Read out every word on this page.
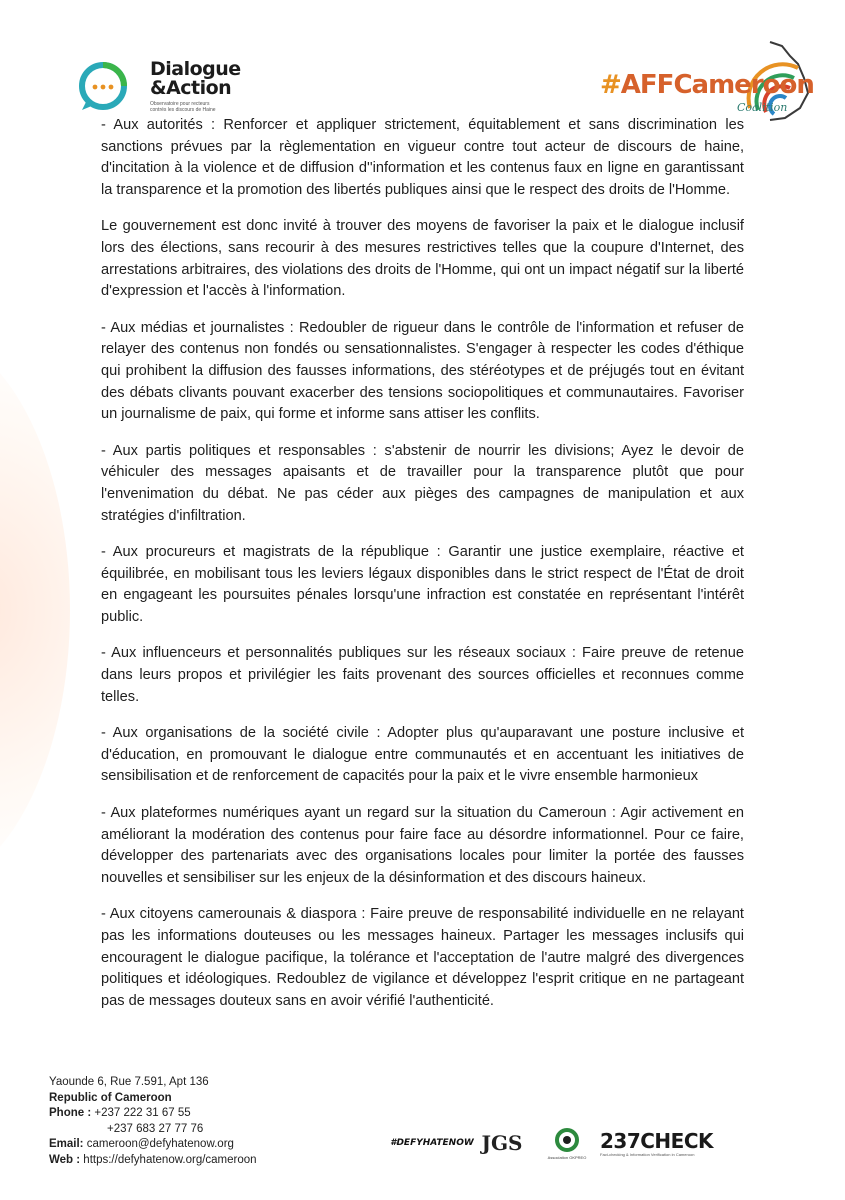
Dialogue
&Action
Observatoire pour recteurs contrés les discours de Haine
#AFFCameroon
Coalition

- Aux autorités : Renforcer et appliquer strictement, équitablement et sans discrimination les sanctions prévues par la règlementation en vigueur contre tout acteur de discours de haine, d'incitation à la violence et de diffusion d''information et les contenus faux en ligne en garantissant la transparence et la promotion des libertés publiques ainsi que le respect des droits de l'Homme.

Le gouvernement est donc invité à trouver des moyens de favoriser la paix et le dialogue inclusif lors des élections, sans recourir à des mesures restrictives telles que la coupure d'Internet, des arrestations arbitraires, des violations des droits de l'Homme, qui ont un impact négatif sur la liberté d'expression et l'accès à l'information.

- Aux médias et journalistes : Redoubler de rigueur dans le contrôle de l'information et refuser de relayer des contenus non fondés ou sensationnalistes. S'engager à respecter les codes d'éthique qui prohibent la diffusion des fausses informations, des stéréotypes et de préjugés tout en évitant des débats clivants pouvant exacerber des tensions sociopolitiques et communautaires. Favoriser un journalisme de paix, qui forme et informe sans attiser les conflits.

- Aux partis politiques et responsables : s'abstenir de nourrir les divisions; Ayez le devoir de véhiculer des messages apaisants et de travailler pour la transparence plutôt que pour l'envenimation du débat. Ne pas céder aux pièges des campagnes de manipulation et aux stratégies d'infiltration.

- Aux procureurs et magistrats de la république : Garantir une justice exemplaire, réactive et équilibrée, en mobilisant tous les leviers légaux disponibles dans le strict respect de l'État de droit en engageant les poursuites pénales lorsqu'une infraction est constatée en représentant l'intérêt public.

- Aux influenceurs et personnalités publiques sur les réseaux sociaux : Faire preuve de retenue dans leurs propos et privilégier les faits provenant des sources officielles et reconnues comme telles.

- Aux organisations de la société civile : Adopter plus qu'auparavant une posture inclusive et d'éducation, en promouvant le dialogue entre communautés et en accentuant les initiatives de sensibilisation et de renforcement de capacités pour la paix et le vivre ensemble harmonieux

- Aux plateformes numériques ayant un regard sur la situation du Cameroun : Agir activement en améliorant la modération des contenus pour faire face au désordre informationnel. Pour ce faire, développer des partenariats avec des organisations locales pour limiter la portée des fausses nouvelles et sensibiliser sur les enjeux de la désinformation et des discours haineux.

- Aux citoyens camerounais & diaspora : Faire preuve de responsabilité individuelle en ne relayant pas les informations douteuses ou les messages haineux. Partager les messages inclusifs qui encouragent le dialogue pacifique, la tolérance et l'acceptation de l'autre malgré des divergences politiques et idéologiques. Redoublez de vigilance et développez l'esprit critique en ne partageant pas de messages douteux sans en avoir vérifié l'authenticité.

Yaounde 6, Rue 7.591, Apt 136
Republic of Cameroon
Phone : +237 222 31 67 55
+237 683 27 77 76
Email: cameroon@defyhatenow.org
Web : https://defyhatenow.org/cameroon
#DEFYHATENOW JGS
Association OKPREO
237CHECK
Fact-checking & Information Verification in Cameroon
